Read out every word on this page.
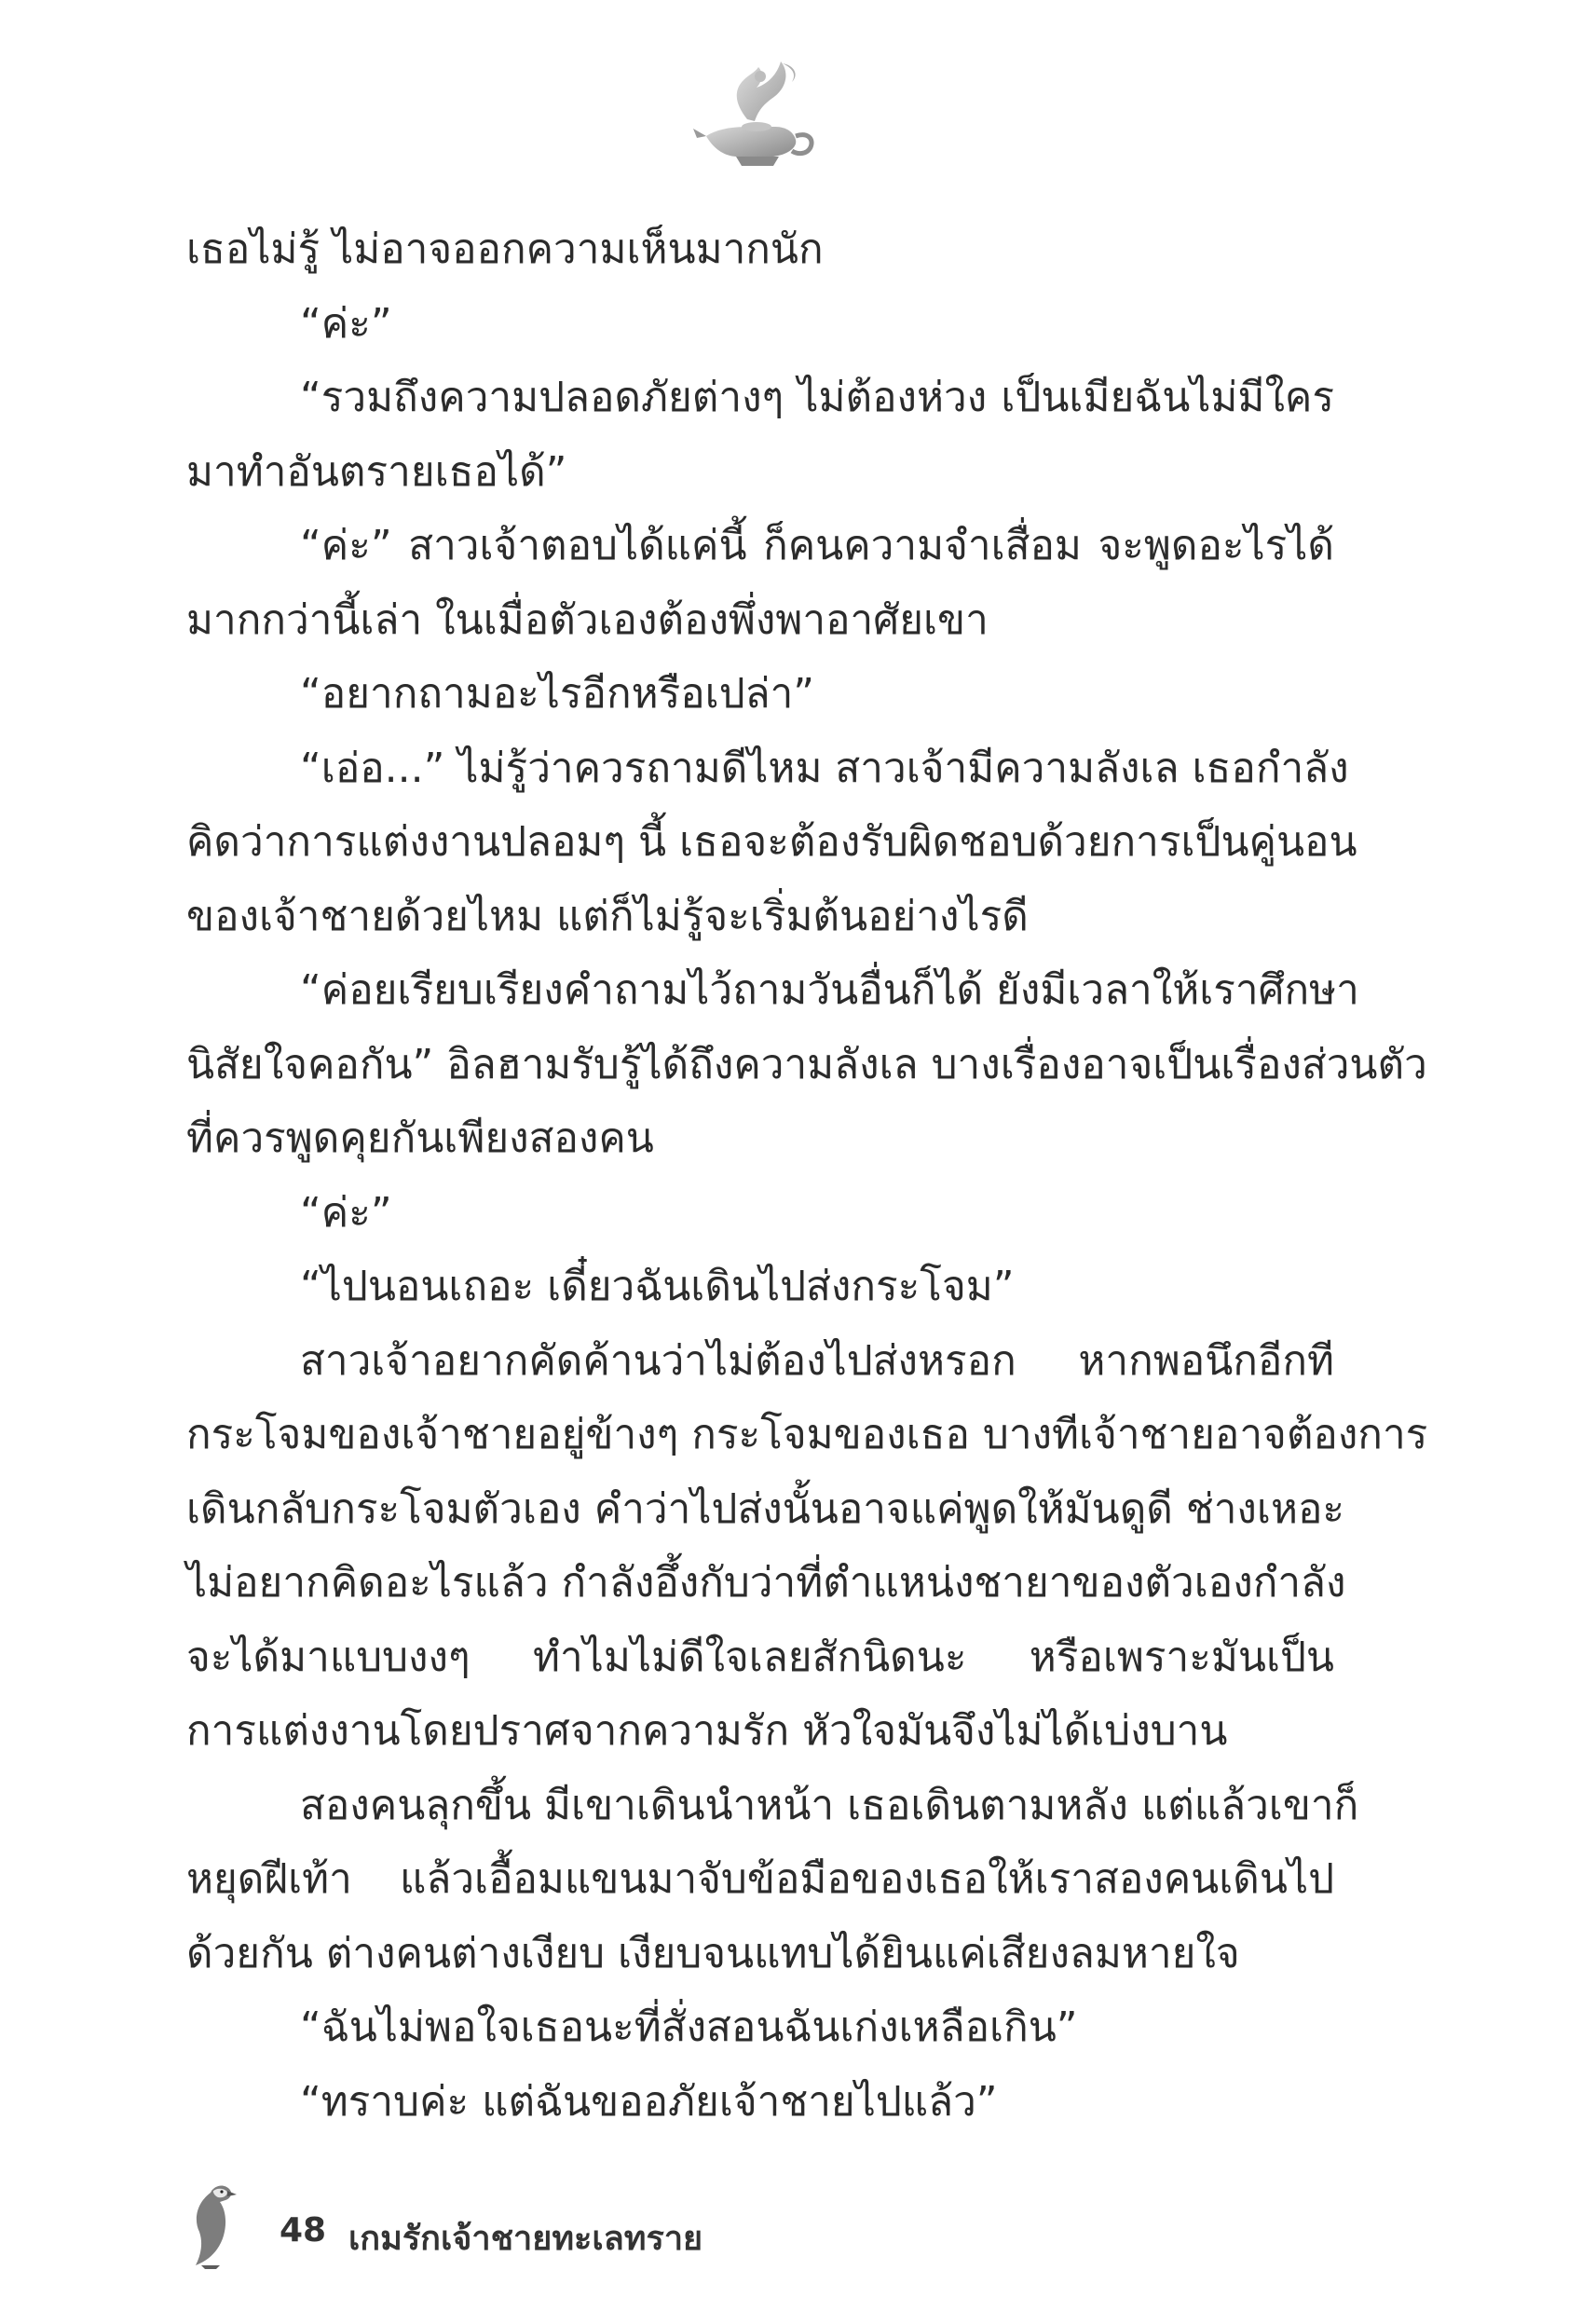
เธอไม่รู้ ไม่อาจออกความเห็นมากนัก
“ค่ะ”
“รวมถึงความปลอดภัยต่างๆ ไม่ต้องห่วง เป็นเมียฉันไม่มีใคร
มาทำอันตรายเธอได้”
“ค่ะ” สาวเจ้าตอบได้แค่นี้ ก็คนความจำเสื่อม จะพูดอะไรได้
มากกว่านี้เล่า ในเมื่อตัวเองต้องพึ่งพาอาศัยเขา
“อยากถามอะไรอีกหรือเปล่า”
“เอ่อ...” ไม่รู้ว่าควรถามดีไหม สาวเจ้ามีความลังเล เธอกำลัง
คิดว่าการแต่งงานปลอมๆ นี้ เธอจะต้องรับผิดชอบด้วยการเป็นคู่นอน
ของเจ้าชายด้วยไหม แต่ก็ไม่รู้จะเริ่มต้นอย่างไรดี
“ค่อยเรียบเรียงคำถามไว้ถามวันอื่นก็ได้ ยังมีเวลาให้เราศึกษา
นิสัยใจคอกัน” อิลฮามรับรู้ได้ถึงความลังเล บางเรื่องอาจเป็นเรื่องส่วนตัว
ที่ควรพูดคุยกันเพียงสองคน
“ค่ะ”
“ไปนอนเถอะ เดี๋ยวฉันเดินไปส่งกระโจม”
สาวเจ้าอยากคัดค้านว่าไม่ต้องไปส่งหรอก หากพอนึกอีกที
กระโจมของเจ้าชายอยู่ข้างๆ กระโจมของเธอ บางทีเจ้าชายอาจต้องการ
เดินกลับกระโจมตัวเอง คำว่าไปส่งนั้นอาจแค่พูดให้มันดูดี ช่างเหอะ
ไม่อยากคิดอะไรแล้ว กำลังอึ้งกับว่าที่ตำแหน่งชายาของตัวเองกำลัง
จะได้มาแบบงงๆ ทำไมไม่ดีใจเลยสักนิดนะ หรือเพราะมันเป็น
การแต่งงานโดยปราศจากความรัก หัวใจมันจึงไม่ได้เบ่งบาน
สองคนลุกขึ้น มีเขาเดินนำหน้า เธอเดินตามหลัง แต่แล้วเขาก็
หยุดฝีเท้า แล้วเอื้อมแขนมาจับข้อมือของเธอให้เราสองคนเดินไป
ด้วยกัน ต่างคนต่างเงียบ เงียบจนแทบได้ยินแค่เสียงลมหายใจ
“ฉันไม่พอใจเธอนะที่สั่งสอนฉันเก่งเหลือเกิน”
“ทราบค่ะ แต่ฉันขออภัยเจ้าชายไปแล้ว”
48 เกมรักเจ้าชายทะเลทราย
